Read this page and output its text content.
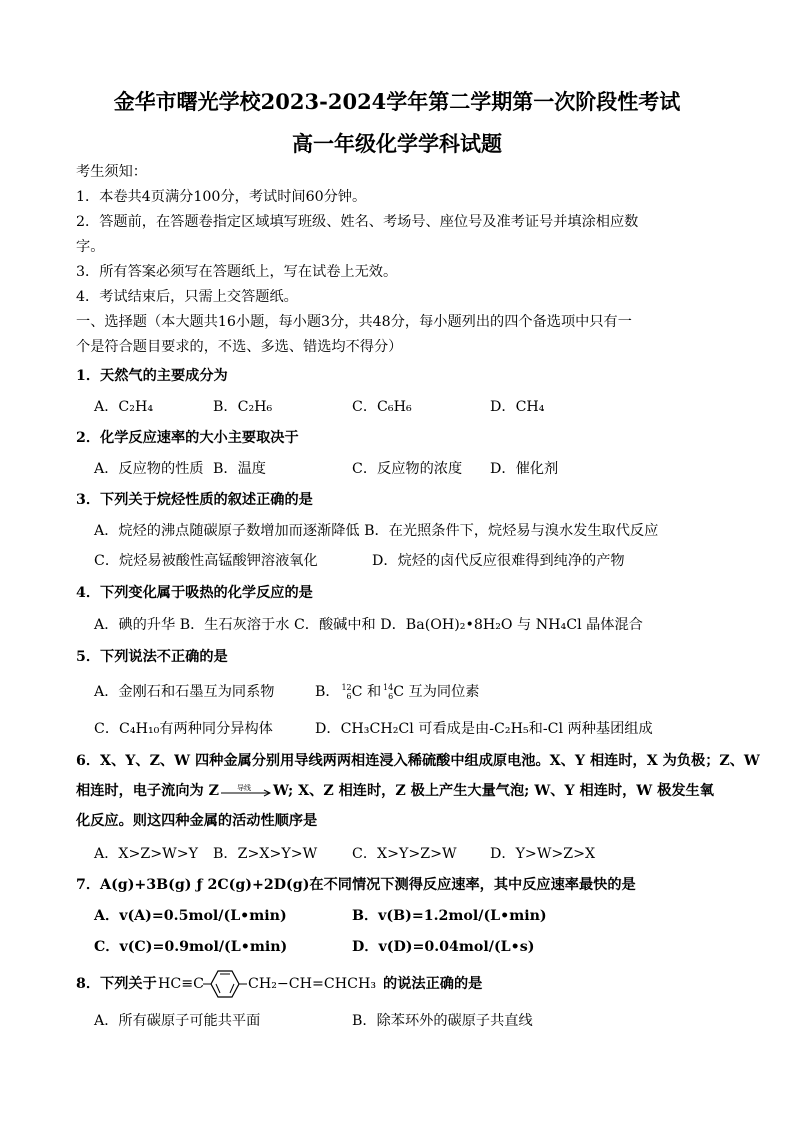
金华市曙光学校2023-2024学年第二学期第一次阶段性考试
高一年级化学学科试题
考生须知：
1．本卷共4页满分100分，考试时间60分钟。
2．答题前，在答题卷指定区域填写班级、姓名、考场号、座位号及准考证号并填涂相应数
字。
3．所有答案必须写在答题纸上，写在试卷上无效。
4．考试结束后，只需上交答题纸。
一、选择题（本大题共16小题，每小题3分，共48分，每小题列出的四个备选项中只有一
个是符合题目要求的，不选、多选、错选均不得分）
1．天然气的主要成分为
A．C₂H₄	B．C₂H₆	C．C₆H₆	D．CH₄
2．化学反应速率的大小主要取决于
A．反应物的性质 B．温度	C．反应物的浓度 D．催化剂
3．下列关于烷烃性质的叙述正确的是
A．烷烃的沸点随碳原子数增加而逐渐降低 B．在光照条件下，烷烃易与溴水发生取代反应
C．烷烃易被酸性高锰酸钾溶液氧化	D．烷烃的卤代反应很难得到纯净的产物
4．下列变化属于吸热的化学反应的是
A．碘的升华 B．生石灰溶于水 C．酸碱中和 D．Ba(OH)₂•8H₂O 与 NH₄Cl 晶体混合
5．下列说法不正确的是
A．金刚石和石墨互为同系物	B． 12
6 C 和 14
6 C 互为同位素
C．C₄H₁₀有两种同分异构体	D．CH₃CH₂Cl 可看成是由-C₂H₅和-Cl 两种基团组成
6．X、Y、Z、W 四种金属分别用导线两两相连浸入稀硫酸中组成原电池。X、Y 相连时，X 为负极；Z、W
相连时，电子流向为 Z	导线 W; X、Z 相连时，Z 极上产生大量气泡; W、Y 相连时，W 极发生氧
化反应。则这四种金属的活动性顺序是
A．X>Z>W>Y B．Z>X>Y>W C．X>Y>Z>W D．Y>W>Z>X
7．A(g)+3B(g) ƒ 2C(g)+2D(g)在不同情况下测得反应速率，其中反应速率最快的是
A．v(A)=0.5mol/(L•min)	B．v(B)=1.2mol/(L•min)
C．v(C)=0.9mol/(L•min)	D．v(D)=0.04mol/(L•s)
8．下列关于 HC≡C	CH₂−CH=CHCH₃ 的说法正确的是
A．所有碳原子可能共平面	B．除苯环外的碳原子共直线
